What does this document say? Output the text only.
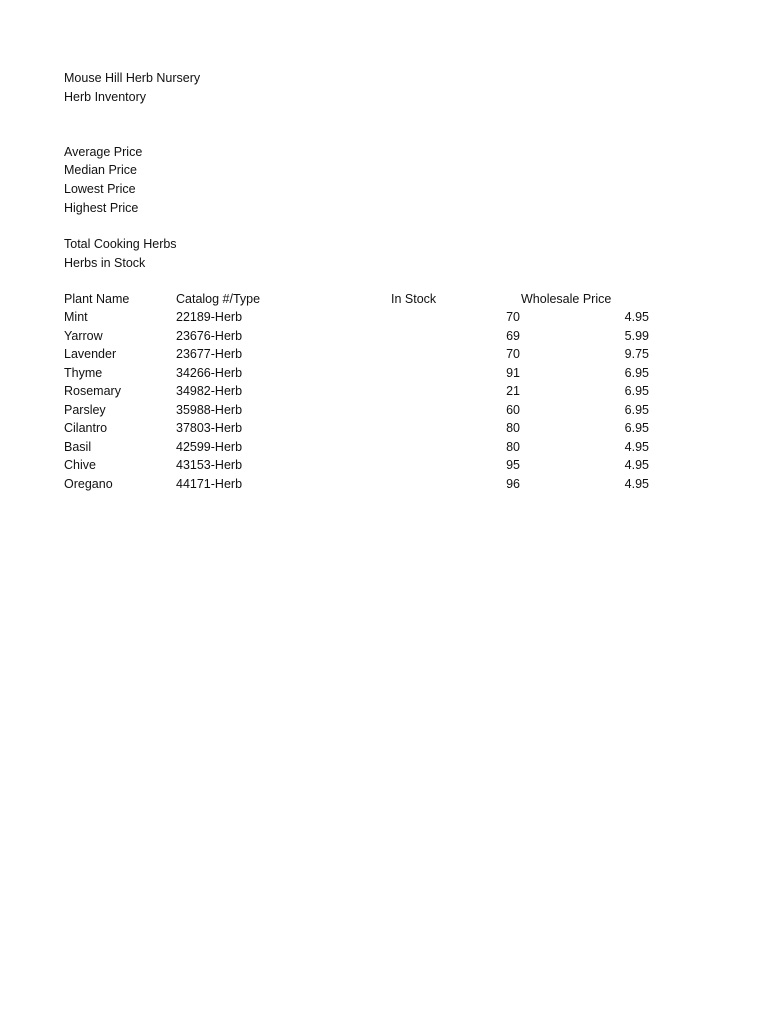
Mouse Hill Herb Nursery
Herb Inventory
Average Price
Median Price
Lowest Price
Highest Price
Total Cooking Herbs
Herbs in Stock
Plant Name	Catalog #/Type	In Stock	Wholesale Price
Mint	22189-Herb	70	4.95
Yarrow	23676-Herb	69	5.99
Lavender	23677-Herb	70	9.75
Thyme	34266-Herb	91	6.95
Rosemary	34982-Herb	21	6.95
Parsley	35988-Herb	60	6.95
Cilantro	37803-Herb	80	6.95
Basil	42599-Herb	80	4.95
Chive	43153-Herb	95	4.95
Oregano	44171-Herb	96	4.95
